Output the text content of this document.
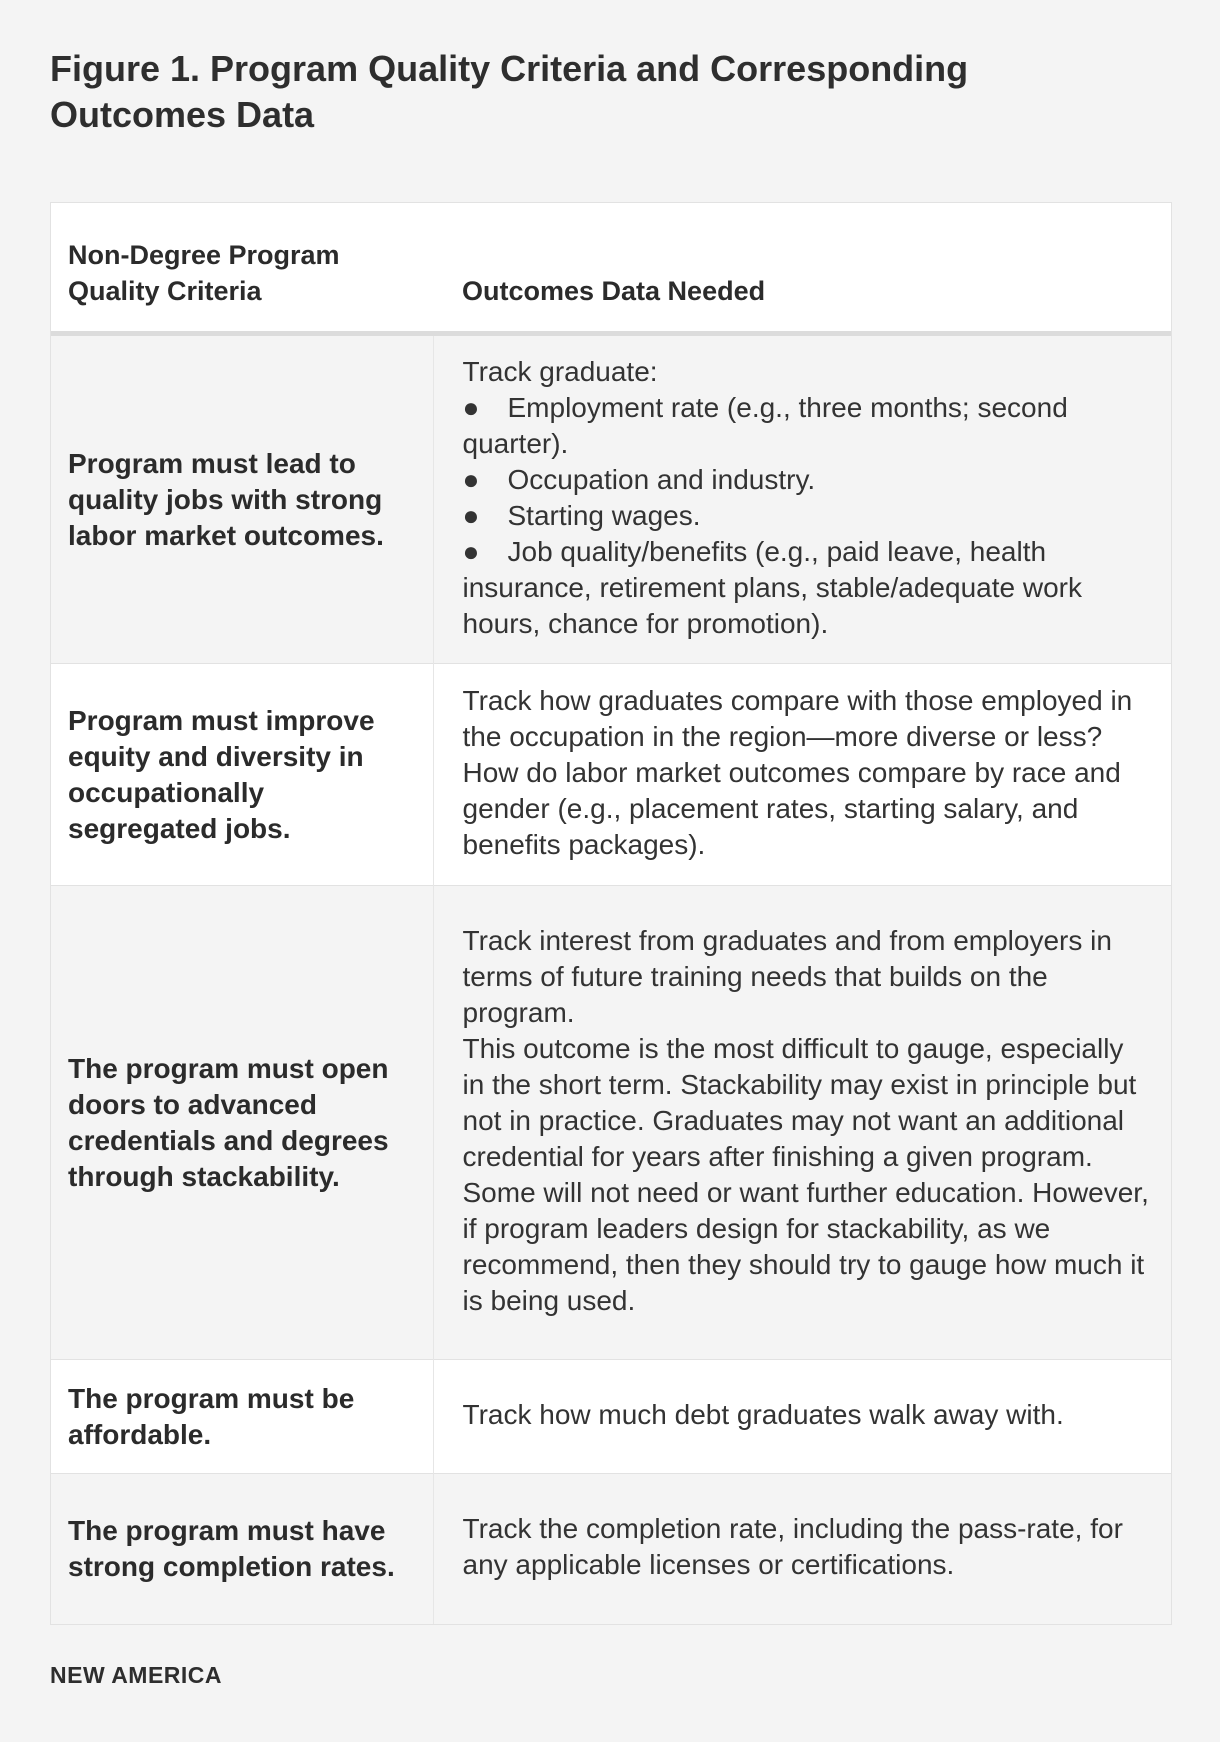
Figure 1. Program Quality Criteria and Corresponding Outcomes Data
Non-Degree Program Quality Criteria	Outcomes Data Needed
Program must lead to quality jobs with strong labor market outcomes.	Track graduate:
● Employment rate (e.g., three months; second quarter).
● Occupation and industry.
● Starting wages.
● Job quality/benefits (e.g., paid leave, health insurance, retirement plans, stable/adequate work hours, chance for promotion).

Program must improve equity and diversity in occupationally segregated jobs.	Track how graduates compare with those employed in the occupation in the region—more diverse or less? How do labor market outcomes compare by race and gender (e.g., placement rates, starting salary, and benefits packages).
The program must open doors to advanced credentials and degrees through stackability.	Track interest from graduates and from employers in terms of future training needs that builds on the program.
This outcome is the most difficult to gauge, especially in the short term. Stackability may exist in principle but not in practice. Graduates may not want an additional credential for years after finishing a given program. Some will not need or want further education. However, if program leaders design for stackability, as we recommend, then they should try to gauge how much it is being used.

The program must be affordable.	Track how much debt graduates walk away with.
The program must have strong completion rates.	Track the completion rate, including the pass-rate, for any applicable licenses or certifications.
NEW AMERICA
